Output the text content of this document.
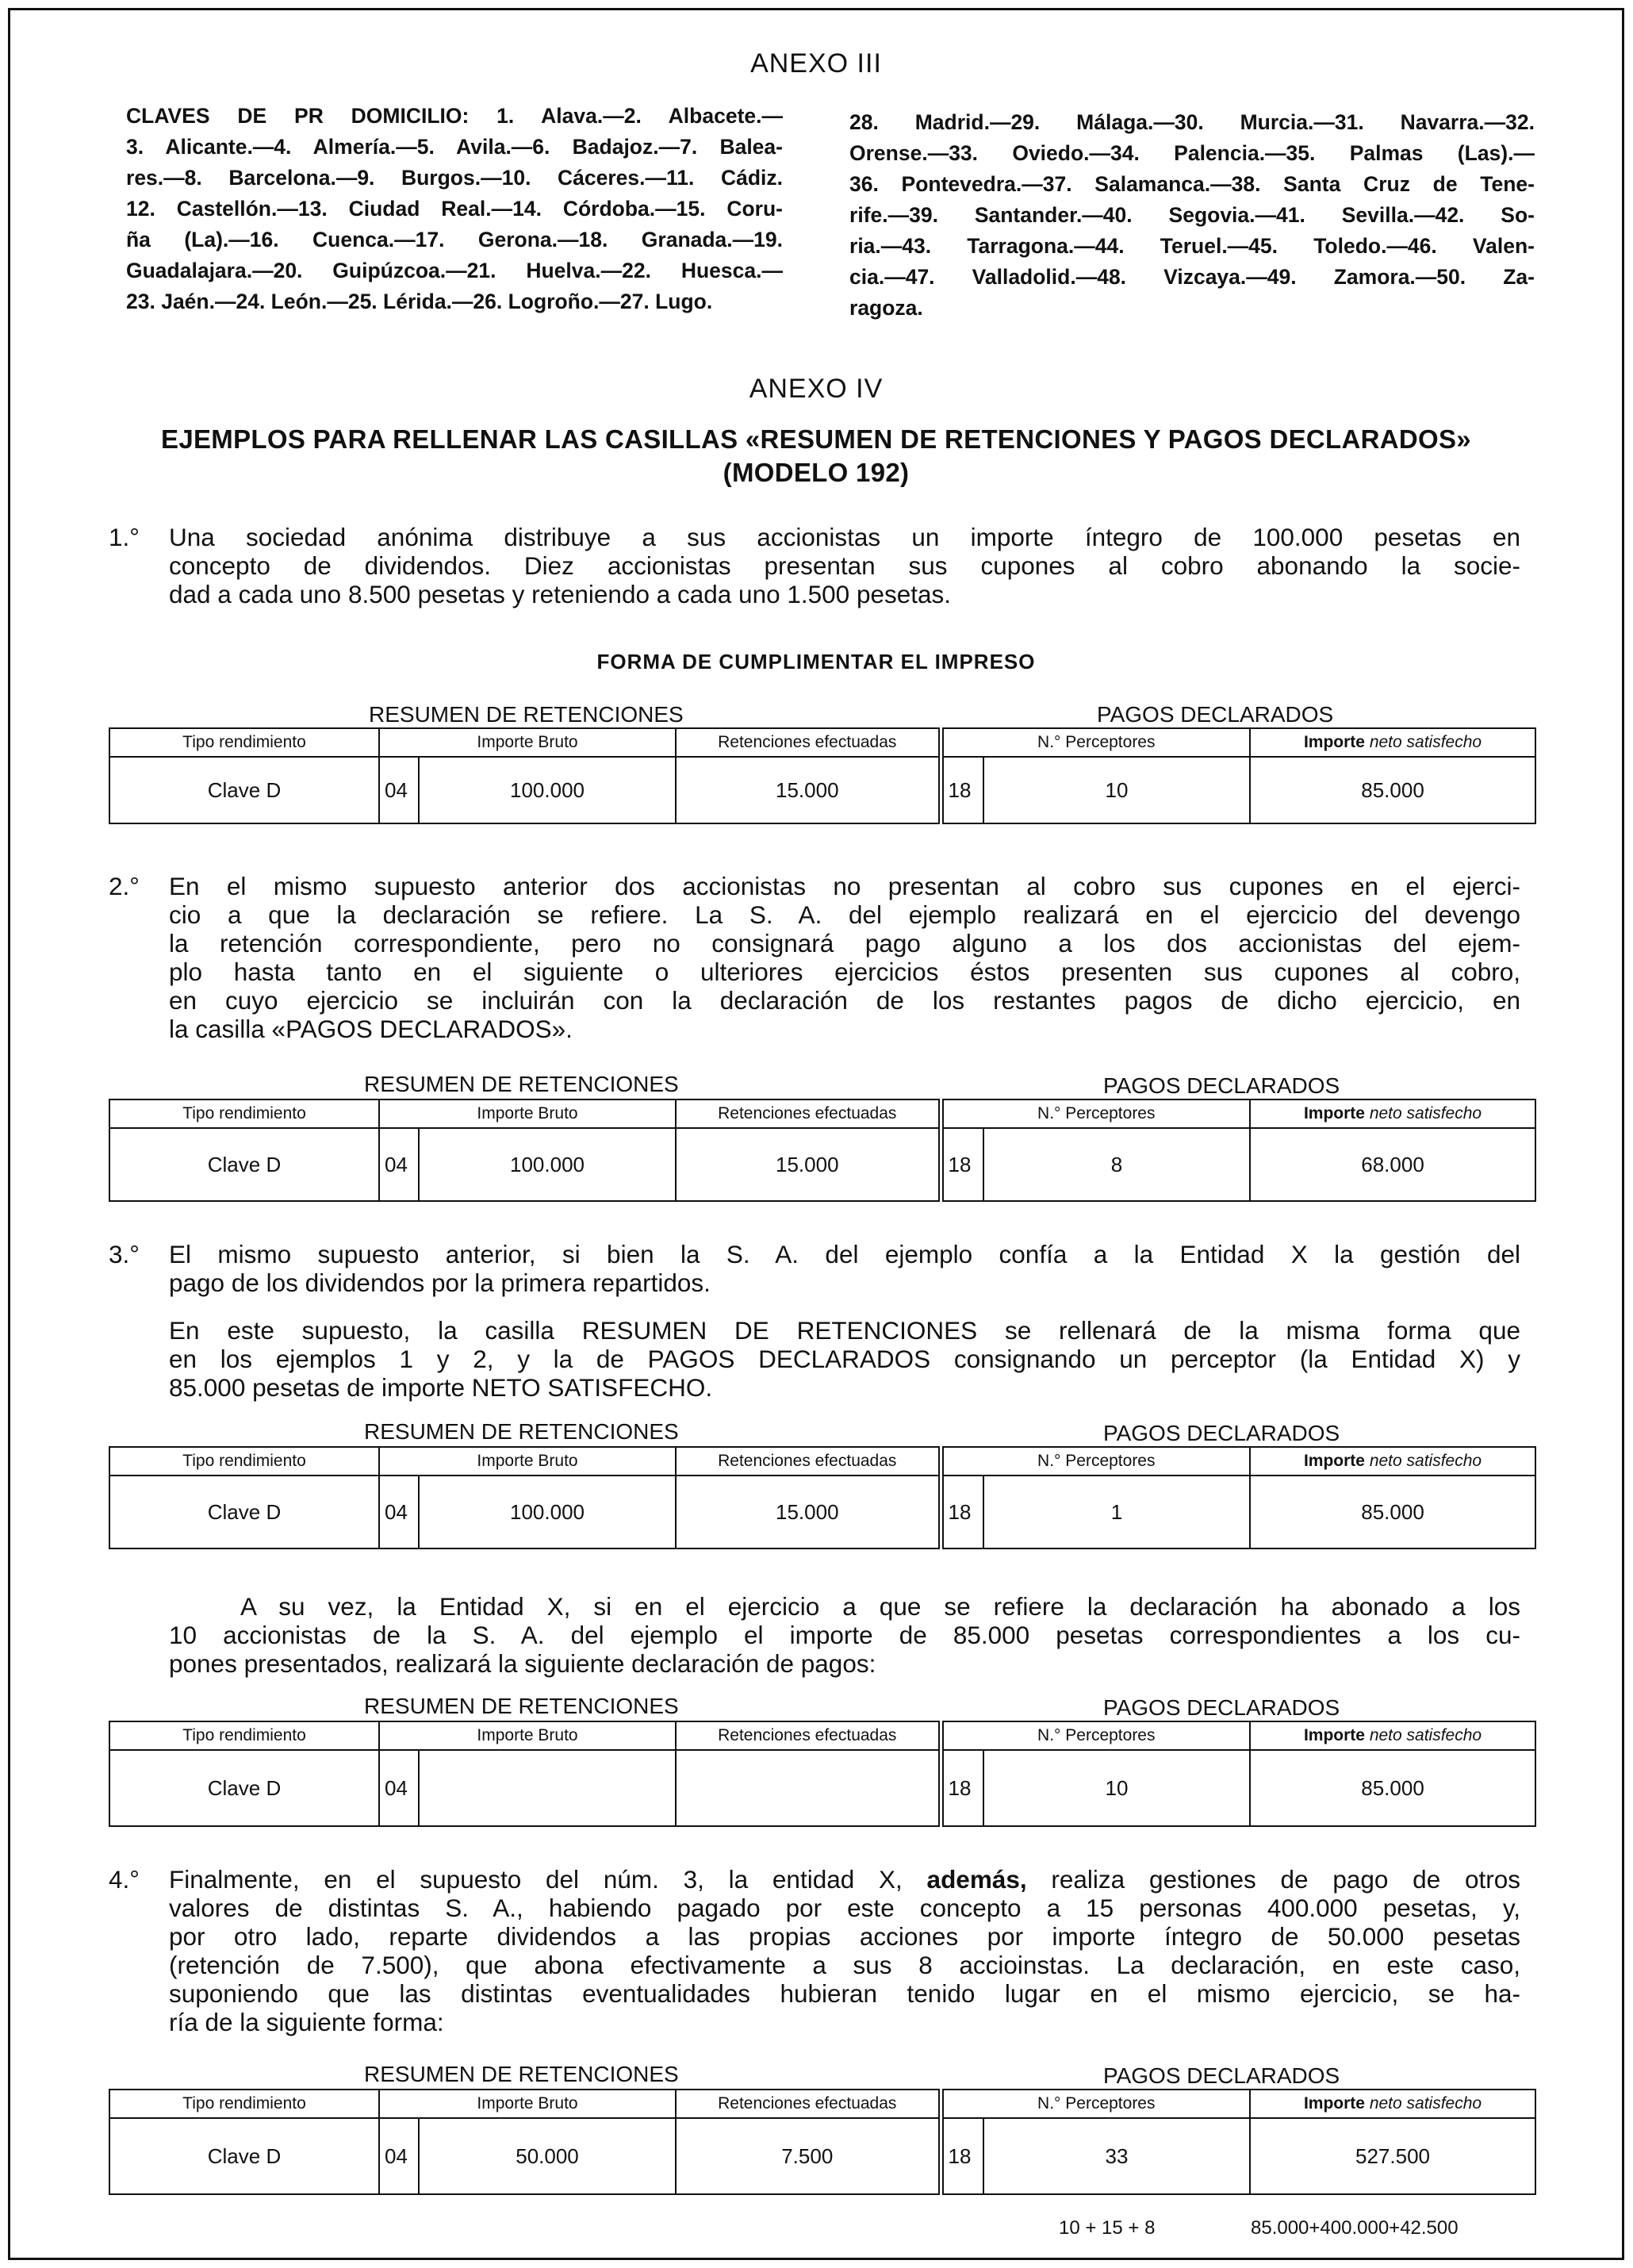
ANEXO III

CLAVES DE PR DOMICILIO: 1. Alava.—2. Albacete.—

3. Alicante.—4. Almería.—5. Avila.—6. Badajoz.—7. Balea-

res.—8. Barcelona.—9. Burgos.—10. Cáceres.—11. Cádiz.

12. Castellón.—13. Ciudad Real.—14. Córdoba.—15. Coru-

ña (La).—16. Cuenca.—17. Gerona.—18. Granada.—19.

Guadalajara.—20. Guipúzcoa.—21. Huelva.—22. Huesca.—

23. Jaén.—24. León.—25. Lérida.—26. Logroño.—27. Lugo.

28. Madrid.—29. Málaga.—30. Murcia.—31. Navarra.—32.

Orense.—33. Oviedo.—34. Palencia.—35. Palmas (Las).—

36. Pontevedra.—37. Salamanca.—38. Santa Cruz de Tene-

rife.—39. Santander.—40. Segovia.—41. Sevilla.—42. So-

ria.—43. Tarragona.—44. Teruel.—45. Toledo.—46. Valen-

cia.—47. Valladolid.—48. Vizcaya.—49. Zamora.—50. Za-

ragoza.

ANEXO IV
EJEMPLOS PARA RELLENAR LAS CASILLAS «RESUMEN DE RETENCIONES Y PAGOS DECLARADOS»
(MODELO 192)
1.° Una sociedad anónima distribuye a sus accionistas un importe íntegro de 100.000 pesetas en

concepto de dividendos. Diez accionistas presentan sus cupones al cobro abonando la socie-

dad a cada uno 8.500 pesetas y reteniendo a cada uno 1.500 pesetas.

FORMA DE CUMPLIMENTAR EL IMPRESO
RESUMEN DE RETENCIONES	PAGOS DECLARADOS
Tipo rendimiento	Importe Bruto		Retenciones efectuadas	N.° Perceptores		Importe neto satisfecho
Clave D	04	100.000	15.000	18	10	85.000
2.° En el mismo supuesto anterior dos accionistas no presentan al cobro sus cupones en el ejerci-

cio a que la declaración se refiere. La S. A. del ejemplo realizará en el ejercicio del devengo

la retención correspondiente, pero no consignará pago alguno a los dos accionistas del ejem-

plo hasta tanto en el siguiente o ulteriores ejercicios éstos presenten sus cupones al cobro,

en cuyo ejercicio se incluirán con la declaración de los restantes pagos de dicho ejercicio, en

la casilla «PAGOS DECLARADOS».

RESUMEN DE RETENCIONES	PAGOS DECLARADOS
Tipo rendimiento	Importe Bruto		Retenciones efectuadas	N.° Perceptores		Importe neto satisfecho
Clave D	04	100.000	15.000	18	8	68.000
3.° El mismo supuesto anterior, si bien la S. A. del ejemplo confía a la Entidad X la gestión del

pago de los dividendos por la primera repartidos.

En este supuesto, la casilla RESUMEN DE RETENCIONES se rellenará de la misma forma que

en los ejemplos 1 y 2, y la de PAGOS DECLARADOS consignando un perceptor (la Entidad X) y

85.000 pesetas de importe NETO SATISFECHO.

RESUMEN DE RETENCIONES	PAGOS DECLARADOS
Tipo rendimiento	Importe Bruto		Retenciones efectuadas	N.° Perceptores		Importe neto satisfecho
Clave D	04	100.000	15.000	18	1	85.000

A su vez, la Entidad X, si en el ejercicio a que se refiere la declaración ha abonado a los

10 accionistas de la S. A. del ejemplo el importe de 85.000 pesetas correspondientes a los cu-

pones presentados, realizará la siguiente declaración de pagos:

RESUMEN DE RETENCIONES	PAGOS DECLARADOS
Tipo rendimiento	Importe Bruto		Retenciones efectuadas	N.° Perceptores		Importe neto satisfecho
Clave D	04			18	10	85.000
4.° Finalmente, en el supuesto del núm. 3, la entidad X, además, realiza gestiones de pago de otros

valores de distintas S. A., habiendo pagado por este concepto a 15 personas 400.000 pesetas, y,

por otro lado, reparte dividendos a las propias acciones por importe íntegro de 50.000 pesetas

(retención de 7.500), que abona efectivamente a sus 8 accioinstas. La declaración, en este caso,

suponiendo que las distintas eventualidades hubieran tenido lugar en el mismo ejercicio, se ha-

ría de la siguiente forma:

RESUMEN DE RETENCIONES	PAGOS DECLARADOS
Tipo rendimiento	Importe Bruto		Retenciones efectuadas	N.° Perceptores		Importe neto satisfecho
Clave D	04	50.000	7.500	18	33	527.500
10 + 15 + 8	85.000+400.000+42.500
